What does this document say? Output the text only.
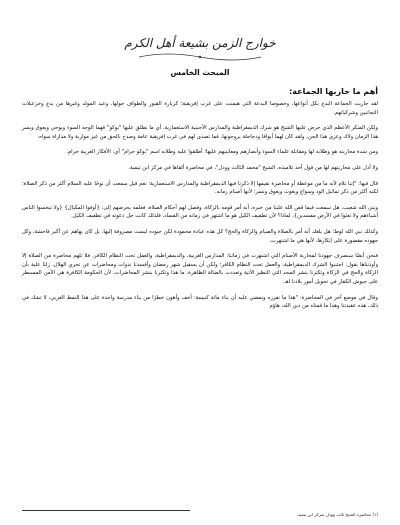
خوارج الزمن بشيعة أهل الكرم
المبحث الخامس
أهم ما حاربها الجماعة:

لقد حاربت الجماعة البدع بكل أنواعها، وخصوصا البدعة التي هيمنت على غرب إفريقية؛ كزيارة القبور والطواف حولها، وعيد المولد وغيرها من بدع وخزعبلات التجانيين وشركياتهم.

ولكن المنكر الأعظم الذي حرض عليها الشيخ هو شرك الديمقراطية والمدارس الأجنبية الاستعمارية، أي ما نطلق عليها "بوكو" فهما الوجه السوء ويوحي ويعوق ويسر هذا الزمان ولاك وعزى هذا الجن، ولقد كان لهما أبواقا ودجاجلة يروجونها، فما تصدى لهم في غرب إفريقية عامة وصدح بالحق من غير مواربة ولا مداراة سواه.

ومن شدة محاربته هو وطلابه لها ومقابلة علماء السوء وأنصارهم ومعاينيهم عليها؛ أطلقوا عليه وطلابه اسم "بوكو حرام" أي: الأفكار الغربية حرام.

ولا أدل على محاربتهم لها من قول أحد تلاميذه، الشيخ "محمد الثالث وودل"، في محاضرة ألقاها في مركز ابن تيمية.

قال فيها: "إننا نلام لأنه ما من موعظة أو محاضرة نقيمها إلا ذكرنا فيها الديمقراطية والمدارس الاستعمارية؛ نعم قيل سمعت أن نوحًا عليه السلام أكثر من ذكر الصلاة؛ لكنه أكثر من ذكر تماثيل الود وسواع ويغوث ويعوق ونسر؛ لأنها أصنام زمانه.

وبني الله شعيب، هل سمعت فيما قص الله علينا من خبره، أنه أمر قومه بالزكاة، وفصل لهم أحكام الصلاة، فعلمه يحرضهم إلى: {أوفوا المكيال} {ولا تبخسوا الناس أشياءهم ولا تعثوا في الأرض مفسدين}، لماذا؟ لأن تطفيف الكيل هو ما اشتهر في زمانه من الفساد، فلذلك كانت جل دعوته في تطفيف الكيل.

وكذلك نبي الله لوط؛ هل بلغك أنه أمر بالصلاة والصيام والزكاة والحج؟ كل هذه عبادة محمودة لكن جيوده ليست مصروفة إليها، بل كان يهاهم عن أكبر فاحشة، وكل جهوده مقصورة على إنكارها، لأنها هي ما اشتهرت.

فنحن أيضًا سنصرف جهودنا لمحاربة الأصنام التي اشتهرت في زماننا: المدارس الغربية، والديمقراطية، والعمل تحت النظام الكافر، فلا تلهم محاضرة من الصلاة إلا وأوذنناها بقول: اجتنبوا الشرك الديمقراطية، والعمل تحت النظام الكافر؛ ولكن أن يسقيل شهر رمضان وأفسدنا ندوات ومحاضرات عن تحري الهلال، زلنا علية بأن الزكاة والحج في الزكاة وتكثرنا بنشر المجد التي النظير الآتية وتعددت بالضالة الظاهرة، ما هذا وتكثرنا بنشر المحاضرات، لأن الحكومة الكافرة هي الأمن المسيطر على جيوش الكفار في تحويل أمور بلادنا اهـ.

وقال في موضع آخر في المحاضرة: "هذا ما نقرره ونمضي عليه أن بناء مائة كنيسة: أخف وأهون خطرًا من بناء مدرسة واحدة على هذا النمط الغربي، لا تشك في ذلك، هذه عقيدتنا وهذا ما قمناه من دين الله، هاؤم

(١) محاضرة الشيخ ثالث وودل بمركز ابن تيمية.
